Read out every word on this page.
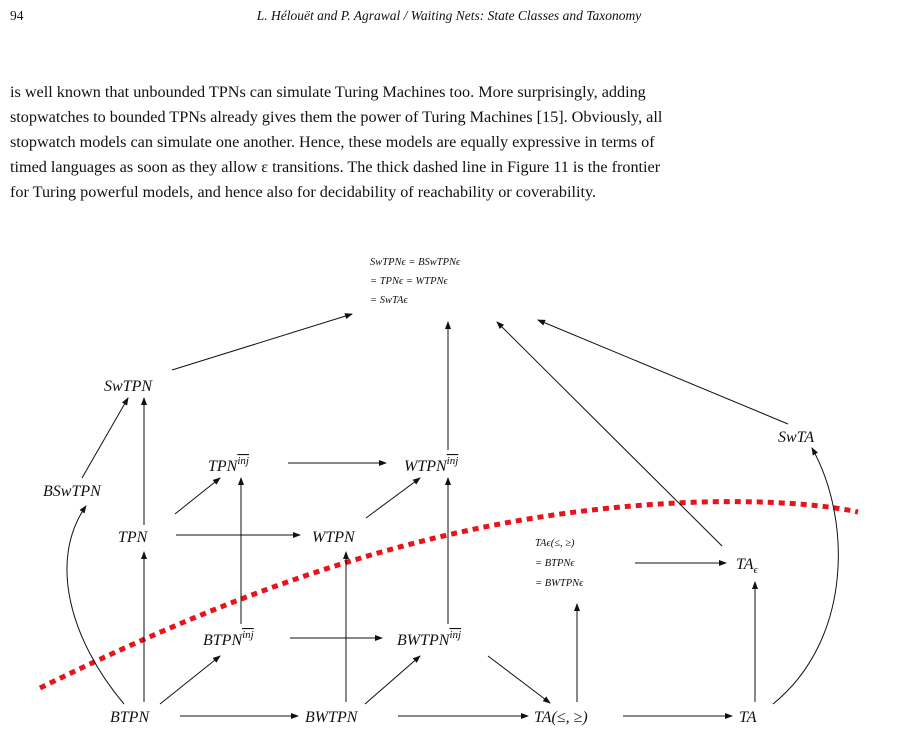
94	L. Hélouët and P. Agrawal / Waiting Nets: State Classes and Taxonomy
is well known that unbounded TPNs can simulate Turing Machines too. More surprisingly, adding
stopwatches to bounded TPNs already gives them the power of Turing Machines [15]. Obviously, all
stopwatch models can simulate one another. Hence, these models are equally expressive in terms of
timed languages as soon as they allow ε transitions. The thick dashed line in Figure 11 is the frontier
for Turing powerful models, and hence also for decidability of reachability or coverability.
SwTPNϵ = BSwTPNϵ
= TPNϵ = WTPNϵ
= SwTAϵ
SwTPN
SwTA
BSwTPN
$TPN^{inj}$	$WTPN^{inj}$
TPN	WTPN	TAϵ(≤, ≥)
= BTPNϵ
= BWTPNϵ
$TA_\epsilon$
$BTPN^{inj}$	$BWTPN^{inj}$
BTPN	BWTPN	TA(≤, ≥)	TA
